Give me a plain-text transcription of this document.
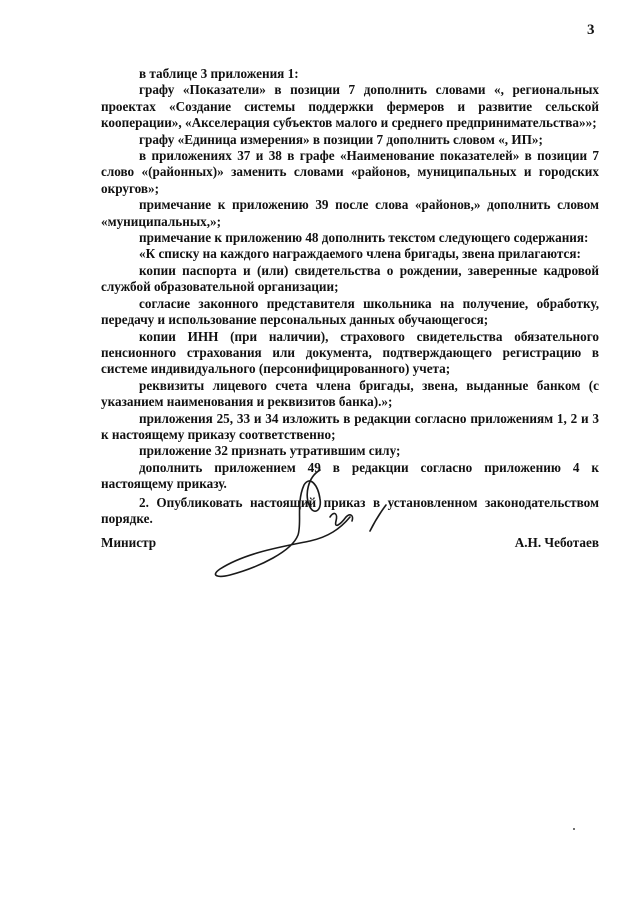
3

в таблице 3 приложения 1:

графу «Показатели» в позиции 7 дополнить словами «, региональных проектах «Создание системы поддержки фермеров и развитие сельской кооперации», «Акселерация субъектов малого и среднего предпринимательства»»;

графу «Единица измерения» в позиции 7 дополнить словом «, ИП»;

в приложениях 37 и 38 в графе «Наименование показателей» в позиции 7 слово «(районных)» заменить словами «районов, муниципальных и городских округов»;

примечание к приложению 39 после слова «районов,» дополнить словом «муниципальных,»;

примечание к приложению 48 дополнить текстом следующего содержания:

«К списку на каждого награждаемого члена бригады, звена прилагаются:

копии паспорта и (или) свидетельства о рождении, заверенные кадровой службой образовательной организации;

согласие законного представителя школьника на получение, обработку, передачу и использование персональных данных обучающегося;

копии ИНН (при наличии), страхового свидетельства обязательного пенсионного страхования или документа, подтверждающего регистрацию в системе индивидуального (персонифицированного) учета;

реквизиты лицевого счета члена бригады, звена, выданные банком (с указанием наименования и реквизитов банка).»;

приложения 25, 33 и 34 изложить в редакции согласно приложениям 1, 2 и 3 к настоящему приказу соответственно;

приложение 32 признать утратившим силу;

дополнить приложением 49 в редакции согласно приложению 4 к настоящему приказу.

2. Опубликовать настоящий приказ в установленном законодательством порядке.

Министр	А.Н. Чеботаев
